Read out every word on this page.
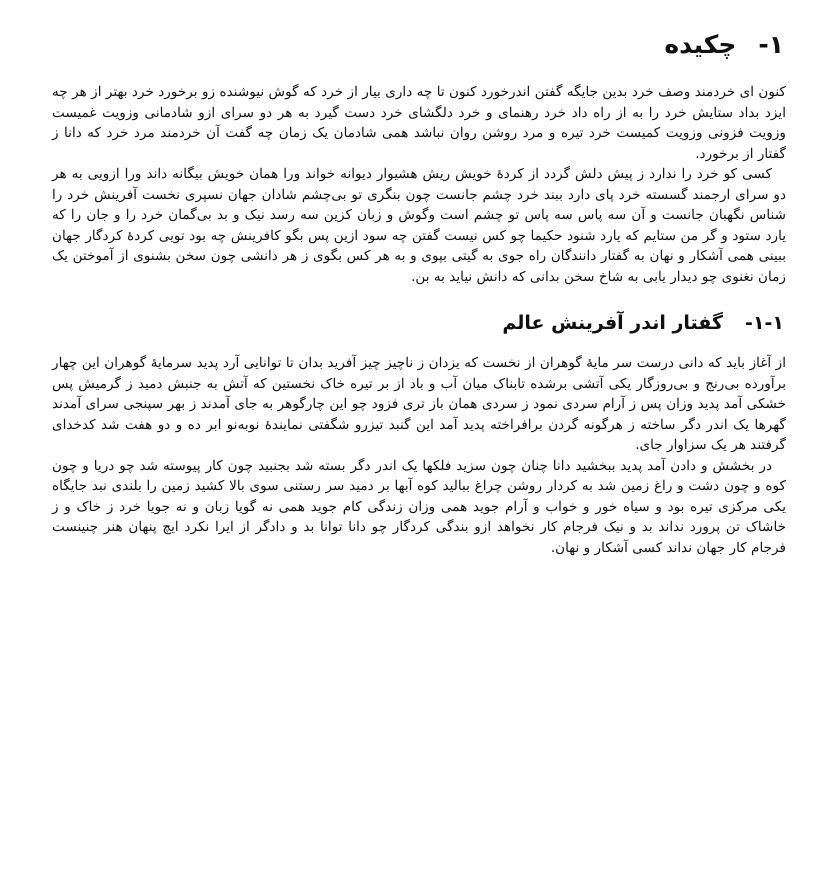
۱-چکیده

کنون ای خردمند وصف خرد بدین جایگه گفتن اندرخورد کنون تا چه داری بیار از خرد که گوش نیوشنده زو برخورد خرد بهتر از هر چه ایزد بداد ستایش خرد را به از راه داد خرد رهنمای و خرد دلگشای خرد دست گیرد به هر دو سرای ازو شادمانی وزویت غمیست وزویت فزونی وزویت کمیست خرد تیره و مرد روشن روان نباشد همی شادمان یک زمان چه گفت آن خردمند مرد خرد که دانا ز گفتار از برخورد.

کسی کو خرد را ندارد ز پیش دلش گردد از کردهٔ خویش ریش هشیوار دیوانه خواند ورا همان خویش بیگانه داند ورا ازویی به هر دو سرای ارجمند گسسته خرد پای دارد ببند خرد چشم جانست چون بنگری تو بی‌چشم شادان جهان نسپری نخست آفرینش خرد را شناس نگهبان جانست و آن سه پاس سه پاس تو چشم است وگوش و زبان کزین سه رسد نیک و بد بی‌گمان خرد را و جان را که یارد ستود و گر من ستایم که یارد شنود حکیما چو کس نیست گفتن چه سود ازین پس بگو کافرینش چه بود تویی کردهٔ کردگار جهان ببینی همی آشکار و نهان به گفتار دانندگان راه جوی به گیتی بپوی و به هر کس بگوی ز هر دانشی چون سخن بشنوی از آموختن یک زمان نغنوی چو دیدار یابی به شاخ سخن بدانی که دانش نیاید به بن.

۱-۱-گفتار اندر آفرینش عالم

از آغاز باید که دانی درست سر مایهٔ گوهران از نخست که یزدان ز ناچیز چیز آفرید بدان تا توانایی آرد پدید سرمایهٔ گوهران این چهار برآورده بی‌رنج و بی‌روزگار یکی آتشی برشده تابناک میان آب و باد از بر تیره خاک نخستین که آتش به جنبش دمید ز گرمیش پس خشکی آمد پدید وزان پس ز آرام سردی نمود ز سردی همان باز تری فزود چو این چارگوهر به جای آمدند ز بهر سپنجی سرای آمدند گهرها یک اندر دگر ساخته ز هرگونه گردن برافراخته پدید آمد این گنبد تیزرو شگفتی نمایندهٔ نوبه‌نو ابر ده و دو هفت شد کدخدای گرفتند هر یک سزاوار جای.

در بخشش و دادن آمد پدید ببخشید دانا چنان چون سزید فلکها یک اندر دگر بسته شد بجنبید چون کار پیوسته شد چو دریا و چون کوه و چون دشت و راغ زمین شد به کردار روشن چراغ ببالید کوه آبها بر دمید سر رستنی سوی بالا کشید زمین را بلندی نبد جایگاه یکی مرکزی تیره بود و سیاه خور و خواب و آرام جوید همی وزان زندگی کام جوید همی نه گویا زبان و نه جویا خرد ز خاک و ز خاشاک تن پرورد نداند بد و نیک فرجام کار نخواهد ازو بندگی کردگار چو دانا توانا بد و دادگر از ایرا نکرد ایچ پنهان هنر چنینست فرجام کار جهان نداند کسی آشکار و نهان.
